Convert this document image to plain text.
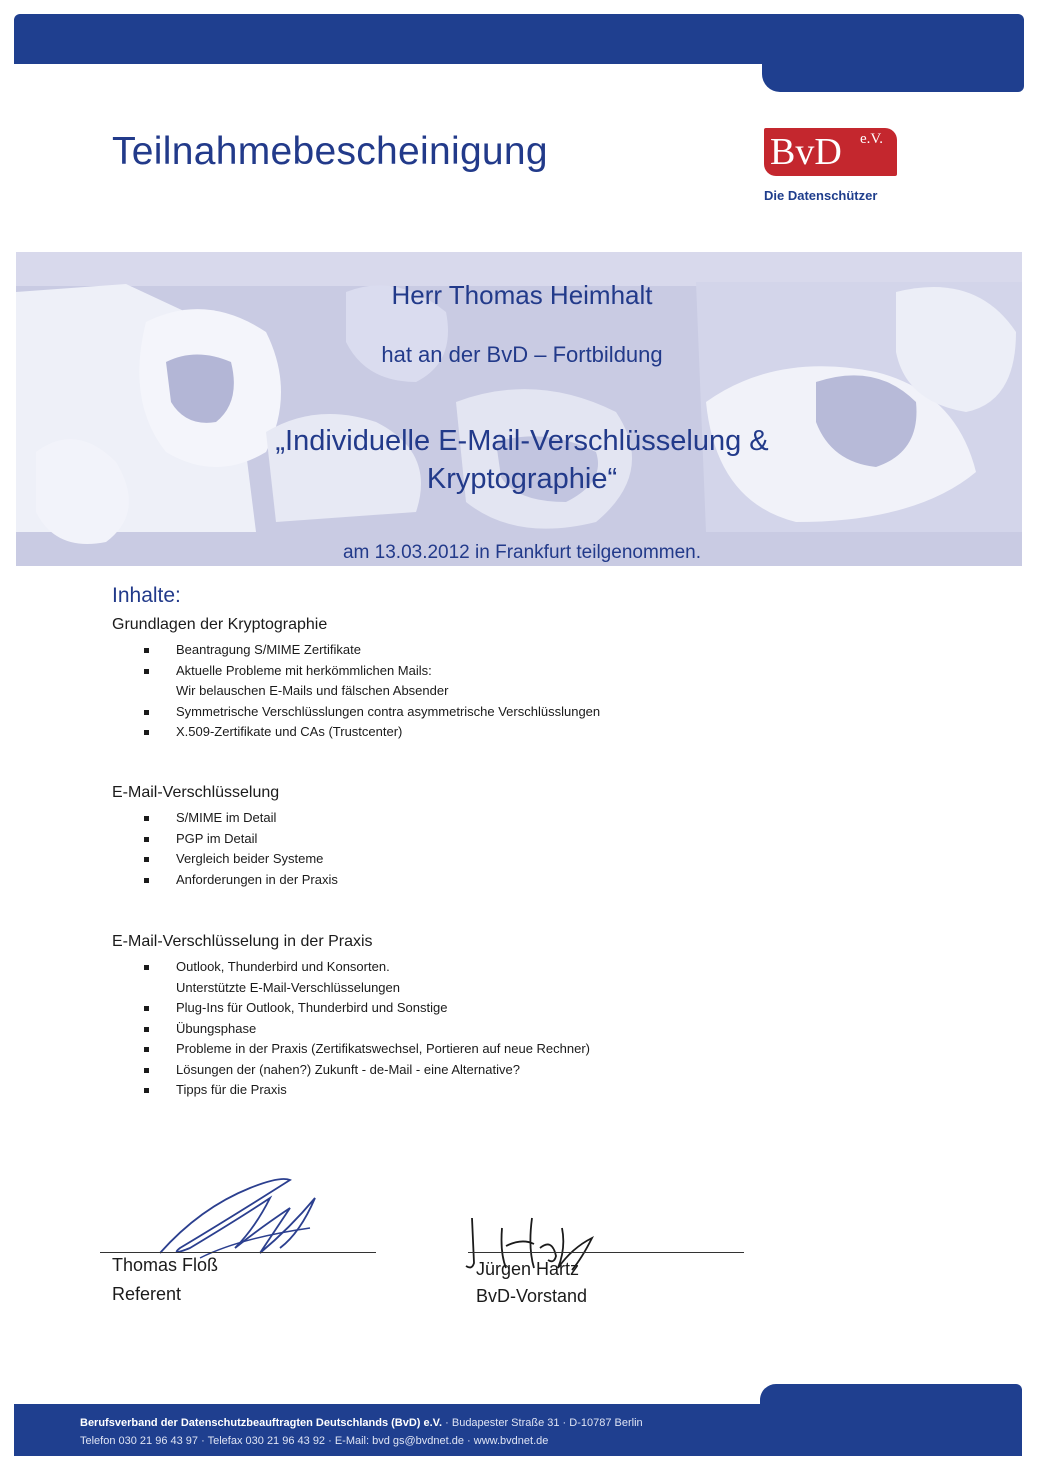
Teilnahmebescheinigung	BvD e.V.
Die Datenschützer
Herr Thomas Heimhalt
hat an der BvD – Fortbildung
„Individuelle E-Mail-Verschlüsselung &
Kryptographie“
am 13.03.2012 in Frankfurt teilgenommen.
Inhalte:
Grundlagen der Kryptographie
Beantragung S/MIME Zertifikate
Aktuelle Probleme mit herkömmlichen Mails:
Wir belauschen E-Mails und fälschen Absender
Symmetrische Verschlüsslungen contra asymmetrische Verschlüsslungen
X.509-Zertifikate und CAs (Trustcenter)
E-Mail-Verschlüsselung
S/MIME im Detail
PGP im Detail
Vergleich beider Systeme
Anforderungen in der Praxis
E-Mail-Verschlüsselung in der Praxis
Outlook, Thunderbird und Konsorten.
Unterstützte E-Mail-Verschlüsselungen
Plug-Ins für Outlook, Thunderbird und Sonstige
Übungsphase
Probleme in der Praxis (Zertifikatswechsel, Portieren auf neue Rechner)
Lösungen der (nahen?) Zukunft - de-Mail - eine Alternative?
Tipps für die Praxis
Thomas Floß
Referent
Jürgen Hartz
BvD-Vorstand
Berufsverband der Datenschutzbeauftragten Deutschlands (BvD) e.V. · Budapester Straße 31 · D-10787 Berlin
Telefon 030 21 96 43 97 · Telefax 030 21 96 43 92 · E-Mail: bvd gs@bvdnet.de · www.bvdnet.de
